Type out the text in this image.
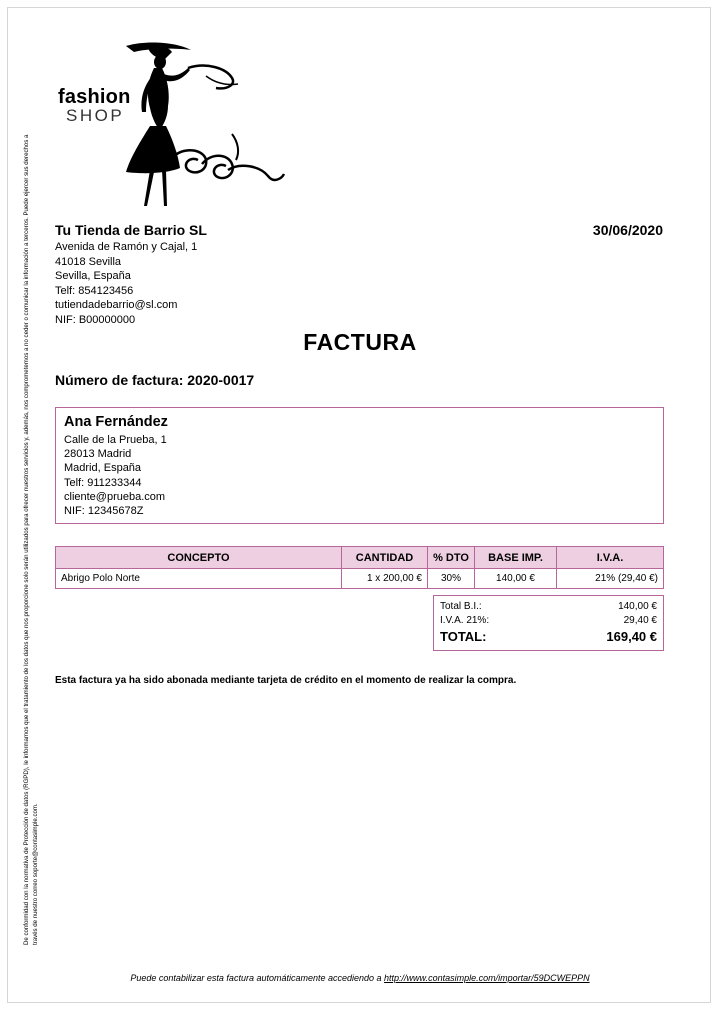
De conformidad con la normativa de Protección de datos (RGPD), le informamos que el tratamiento de los datos que nos proporcione solo serán utilizados para ofrecer nuestros servicios y, además, nos comprometemos a no ceder o comunicar la información a terceros. Puede ejercer sus derechos a través de nuestro correo soporte@contasimple.com.
fashion
SHOP
Tu Tienda de Barrio SL
Avenida de Ramón y Cajal, 1
41018 Sevilla
Sevilla, España
Telf: 854123456
tutiendadebarrio@sl.com
NIF: B00000000
30/06/2020
FACTURA
Número de factura: 2020-0017
Ana Fernández
Calle de la Prueba, 1
28013 Madrid
Madrid, España
Telf: 911233344
cliente@prueba.com
NIF: 12345678Z
CONCEPTO	CANTIDAD	% DTO	BASE IMP.	I.V.A.
Abrigo Polo Norte	1 x 200,00 €	30%	140,00 €	21% (29,40 €)
Total B.I.:	140,00 €
I.V.A. 21%:	29,40 €
TOTAL:	169,40 €
Esta factura ya ha sido abonada mediante tarjeta de crédito en el momento de realizar la compra.
Puede contabilizar esta factura automáticamente accediendo a http://www.contasimple.com/importar/59DCWEPPN
